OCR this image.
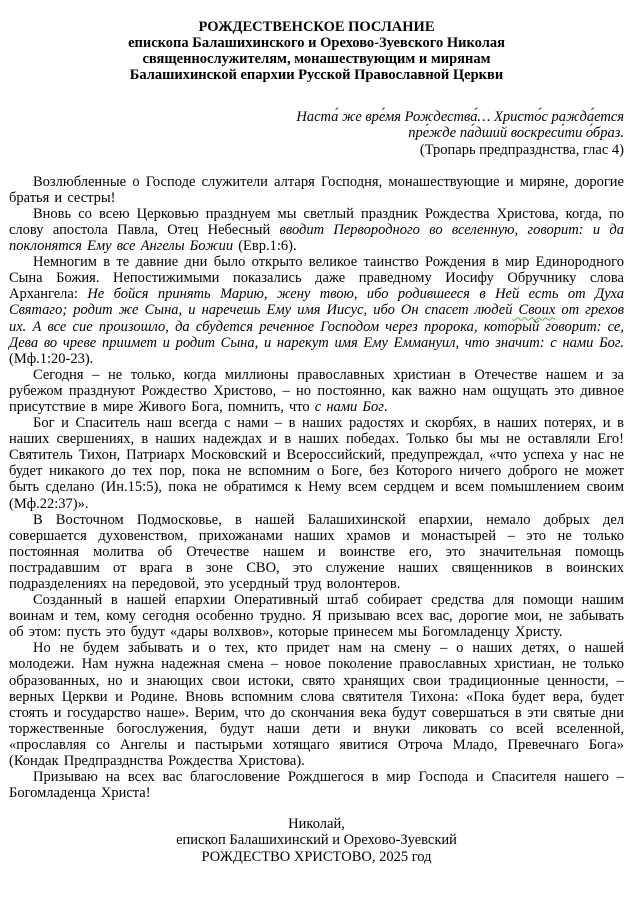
РОЖДЕСТВЕНСКОЕ ПОСЛАНИЕ
епископа Балашихинского и Орехово-Зуевского Николая
священнослужителям, монашествующим и мирянам
Балашихинской епархии Русской Православной Церкви
Наста́ же вре́мя Рождества́… Христо́с ражда́ется
пре́жде па́дший воскреси́ти о́браз.
(Тропарь предпразднства, глас 4)

Возлюбленные о Господе служители алтаря Господня, монашествующие и миряне, дорогие братья и сестры!

Вновь со всею Церковью празднуем мы светлый праздник Рождества Христова, когда, по слову апостола Павла, Отец Небесный вводит Первородного во вселенную, говорит: и да поклонятся Ему все Ангелы Божии (Евр.1:6).

Немногим в те давние дни было открыто великое таинство Рождения в мир Единородного Сына Божия. Непостижимыми показались даже праведному Иосифу Обручнику слова Архангела: Не бойся принять Марию, жену твою, ибо родившееся в Ней есть от Духа Святаго; родит же Сына, и наречешь Ему имя Иисус, ибо Он спасет людей Своих от грехов их. А все сие произошло, да сбудется реченное Господом через пророка, который говорит: се, Дева во чреве приимет и родит Сына, и нарекут имя Ему Еммануил, что значит: с нами Бог. (Мф.1:20-23).

Сегодня – не только, когда миллионы православных христиан в Отечестве нашем и за рубежом празднуют Рождество Христово, – но постоянно, как важно нам ощущать это дивное присутствие в мире Живого Бога, помнить, что с нами Бог.

Бог и Спаситель наш всегда с нами – в наших радостях и скорбях, в наших потерях, и в наших свершениях, в наших надеждах и в наших победах. Только бы мы не оставляли Его! Святитель Тихон, Патриарх Московский и Всероссийский, предупреждал, «что успеха у нас не будет никакого до тех пор, пока не вспомним о Боге, без Которого ничего доброго не может быть сделано (Ин.15:5), пока не обратимся к Нему всем сердцем и всем помышлением своим (Мф.22:37)».

В Восточном Подмосковье, в нашей Балашихинской епархии, немало добрых дел совершается духовенством, прихожанами наших храмов и монастырей – это не только постоянная молитва об Отечестве нашем и воинстве его, это значительная помощь пострадавшим от врага в зоне СВО, это служение наших священников в воинских подразделениях на передовой, это усердный труд волонтеров.

Созданный в нашей епархии Оперативный штаб собирает средства для помощи нашим воинам и тем, кому сегодня особенно трудно. Я призываю всех вас, дорогие мои, не забывать об этом: пусть это будут «дары волхвов», которые принесем мы Богомладенцу Христу.

Но не будем забывать и о тех, кто придет нам на смену – о наших детях, о нашей молодежи. Нам нужна надежная смена – новое поколение православных христиан, не только образованных, но и знающих свои истоки, свято хранящих свои традиционные ценности, – верных Церкви и Родине. Вновь вспомним слова святителя Тихона: «Пока будет вера, будет стоять и государство наше». Верим, что до скончания века будут совершаться в эти святые дни торжественные богослужения, будут наши дети и внуки ликовать со всей вселенной, «прославляя со Ангелы и пастырьми хотящаго явитися Отроча Младо, Превечнаго Бога» (Кондак Предпразднства Рождества Христова).

Призываю на всех вас благословение Рождшегося в мир Господа и Спасителя нашего – Богомладенца Христа!

Николай,
епископ Балашихинский и Орехово-Зуевский
РОЖДЕСТВО ХРИСТОВО, 2025 год
